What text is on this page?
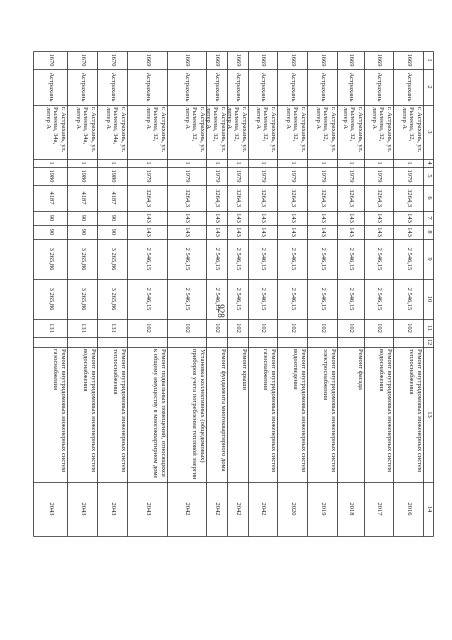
928
1
2
3
4
5
6
7
8
9
10
11
12
13
14
1669
Астрахань
г. Астрахань, ул. Рылеева, 32, литер А
1
1979
3264,3
143
143
2 546,15
2 546,15
102
Ремонт внутридомовых инженерных систем теплоснабжения
2016
1669
Астрахань
г. Астрахань, ул. Рылеева, 32, литер А
1
1979
3264,3
143
143
2 546,15
2 546,15
102
Ремонт внутридомовых инженерных систем водоснабжения
2017
1669
Астрахань
г. Астрахань, ул. Рылеева, 32, литер А
1
1979
3264,3
143
143
2 546,15
2 546,15
102
Ремонт фасада
2018
1669
Астрахань
г. Астрахань, ул. Рылеева, 32, литер А
1
1979
3264,3
143
143
2 546,15
2 546,15
102
Ремонт внутридомовых инженерных систем электроснабжения
2019
1669
Астрахань
г. Астрахань, ул. Рылеева, 32, литер А
1
1979
3264,3
143
143
2 546,15
2 546,15
102
Ремонт внутридомовых инженерных систем водоотведения
2020
1669
Астрахань
г. Астрахань, ул. Рылеева, 32, литер А
1
1979
3264,3
143
143
2 546,15
2 546,15
102
Ремонт внутридомовых инженерных систем газоснабжения
2042
1669
Астрахань
г. Астрахань, ул. Рылеева, 32, литер А
1
1979
3264,3
143
143
2 546,15
2 546,15
102
Ремонт крыши
2042
1669
Астрахань
г. Астрахань, ул. Рылеева, 32, литер А
1
1979
3264,3
143
143
2 546,15
2 546,15
102
Ремонт фундамента многоквартирного дома
2042
1669
Астрахань
г. Астрахань, ул. Рылеева, 32, литер А
1
1979
3264,3
143
143
2 546,15
2 546,15
102
Установка коллективных (общедомовых) приборов учета потребления тепловой энергии
2042
1669
Астрахань
г. Астрахань, ул. Рылеева, 32, литер А
1
1979
3264,3
143
143
2 546,15
2 546,15
102
Ремонт подвальных помещений, относящихся к общему имуществу в многоквартирном доме
2043
1670
Астрахань
г. Астрахань, ул. Рылеева, 34а, литер А
1
1980
4187
90
90
3 265,86
3 265,86
131
Ремонт внутридомовых инженерных систем теплоснабжения
2043
1670
Астрахань
г. Астрахань, ул. Рылеева, 34а, литер А
1
1980
4187
90
90
3 265,86
3 265,86
131
Ремонт внутридомовых инженерных систем водоснабжения
2043
1670
Астрахань
г. Астрахань, ул. Рылеева, 34а, литер А
1
1980
4187
90
90
3 265,86
3 265,86
131
Ремонт внутридомовых инженерных систем газоснабжения
2043
